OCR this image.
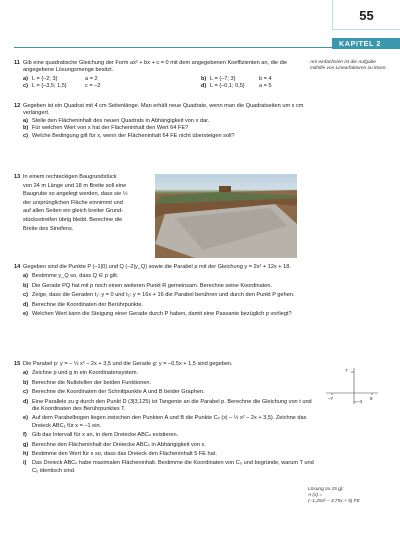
55
KAPITEL 2
11 Gib eine quadratische Gleichung der Form ax² + bx + c = 0 mit dem angegebenen Koeffizienten an, die die angegebene Lösungsmenge besitzt.
a) L = {–2; 3}	a = 2	b) L = {–7; 3}	b = 4
c) L = {–3,5; 1,5}	c = –2	d) L = {–0,1; 0,5}	a = 5
Am einfachsten ist die Aufgabe mithilfe von Linearfaktoren zu lösen.
12 Gegeben ist ein Quadrat mit 4 cm Seitenlänge. Man erhält neue Quadrate, wenn man die Quadratseiten um x cm verlängert.
a) Stelle den Flächeninhalt des neuen Quadrats in Abhängigkeit von x dar.
b) Für welchen Wert von x hat der Flächeninhalt den Wert 64 FE?
c) Welche Bedingung gilt für x, wenn der Flächeninhalt 64 FE nicht übersteigen soll?
13 In einem rechteckigen Baugrundstück
von 24 m Länge und 18 m Breite soll eine
Baugrube so angelegt werden, dass sie ½
der ursprünglichen Fläche einnimmt und
auf allen Seiten ein gleich breiter Grund-
stücksstreifen übrig bleibt. Berechne die
Breite des Streifens.
14 Gegeben sind die Punkte P (–1|0) und Q (–2|y_Q) sowie die Parabel p mit der Gleichung y = 2x² + 12x + 18.
a) Bestimme y_Q so, dass Q ∈ p gilt.
b) Die Gerade PQ hat mit p noch einen weiteren Punkt R gemeinsam. Berechne seine Koordinaten.
c) Zeige, dass die Geraden t₁: y = 0 und t₂: y = 16x + 16 die Parabel berühren und durch den Punkt P gehen.
d) Berechne die Koordinaten der Berührpunkte.
e) Welchen Wert kann die Steigung einer Gerade durch P haben, damit eine Passante bezüglich p vorliegt?
15 Die Parabel p: y = – ½ x² – 2x + 3,5 und die Gerade g: y = –0,5x + 1,5 sind gegeben.
a) Zeichne p und g in ein Koordinatensystem.
b) Berechne die Nullstellen der beiden Funktionen.
c) Berechne die Koordinaten der Schnittpunkte A und B beider Graphen.
d) Eine Parallele zu g durch den Punkt D (3|3,125) ist Tangente an die Parabel p. Berechne die Gleichung von t und die Koordinaten des Berührpunktes T.
e) Auf dem Parabelbogen liegen zwischen den Punkten A und B die Punkte Cₙ (x| – ½ x² – 2x + 3,5). Zeichne das Dreieck ABC₁ für x = –1 ein.
f) Gib das Intervall für x an, in dem Dreiecke ABCₙ existieren.
g) Berechne den Flächeninhalt der Dreiecke ABCₙ in Abhängigkeit von x.
h) Bestimme den Wert für x so, dass das Dreieck den Flächeninhalt 5 FE hat.
i) Das Dreieck ABCₙ habe maximalen Flächeninhalt. Bestimme die Koordinaten von C₀ und begründe, warum T und C₀ identisch sind.
7
–7	6
–4
Lösung zu 15 g):
A (x) =
(–1,25x² – 3,75x + 5) FE
